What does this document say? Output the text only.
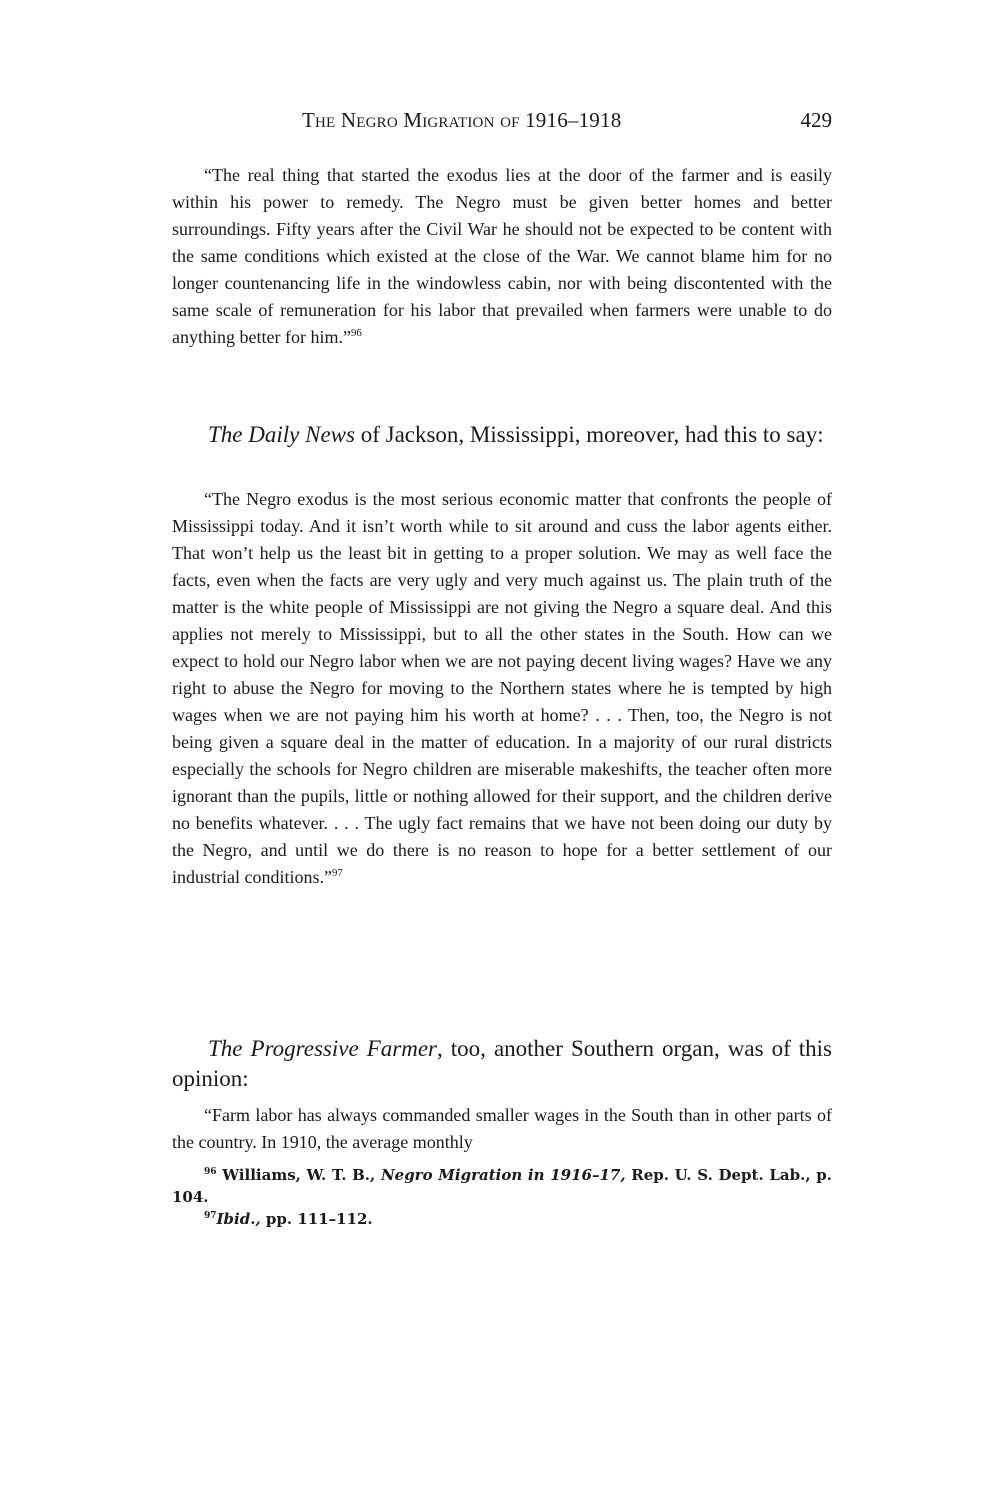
The Negro Migration of 1916–1918	429

“The real thing that started the exodus lies at the door of the farmer and is easily within his power to remedy. The Negro must be given better homes and better surroundings. Fifty years after the Civil War he should not be expected to be content with the same conditions which existed at the close of the War. We cannot blame him for no longer countenancing life in the windowless cabin, nor with being discontented with the same scale of remuneration for his labor that prevailed when farmers were unable to do anything better for him.”$^{96}$

The Daily News of Jackson, Mississippi, moreover, had this to say:

“The Negro exodus is the most serious economic matter that confronts the people of Mississippi today. And it isn’t worth while to sit around and cuss the labor agents either. That won’t help us the least bit in getting to a proper solution. We may as well face the facts, even when the facts are very ugly and very much against us. The plain truth of the matter is the white people of Mississippi are not giving the Negro a square deal. And this applies not merely to Mississippi, but to all the other states in the South. How can we expect to hold our Negro labor when we are not paying decent living wages? Have we any right to abuse the Negro for moving to the Northern states where he is tempted by high wages when we are not paying him his worth at home? . . . Then, too, the Negro is not being given a square deal in the matter of education. In a majority of our rural districts especially the schools for Negro children are miserable makeshifts, the teacher often more ignorant than the pupils, little or nothing allowed for their support, and the children derive no benefits whatever. . . . The ugly fact remains that we have not been doing our duty by the Negro, and until we do there is no reason to hope for a better settlement of our industrial conditions.”$^{97}$

The Progressive Farmer, too, another Southern organ, was of this opinion:

“Farm labor has always commanded smaller wages in the South than in other parts of the country. In 1910, the average monthly

$^{96}$ Williams, W. T. B., Negro Migration in 1916–17, Rep. U. S. Dept. Lab., p. 104.

$^{97}$Ibid., pp. 111–112.
